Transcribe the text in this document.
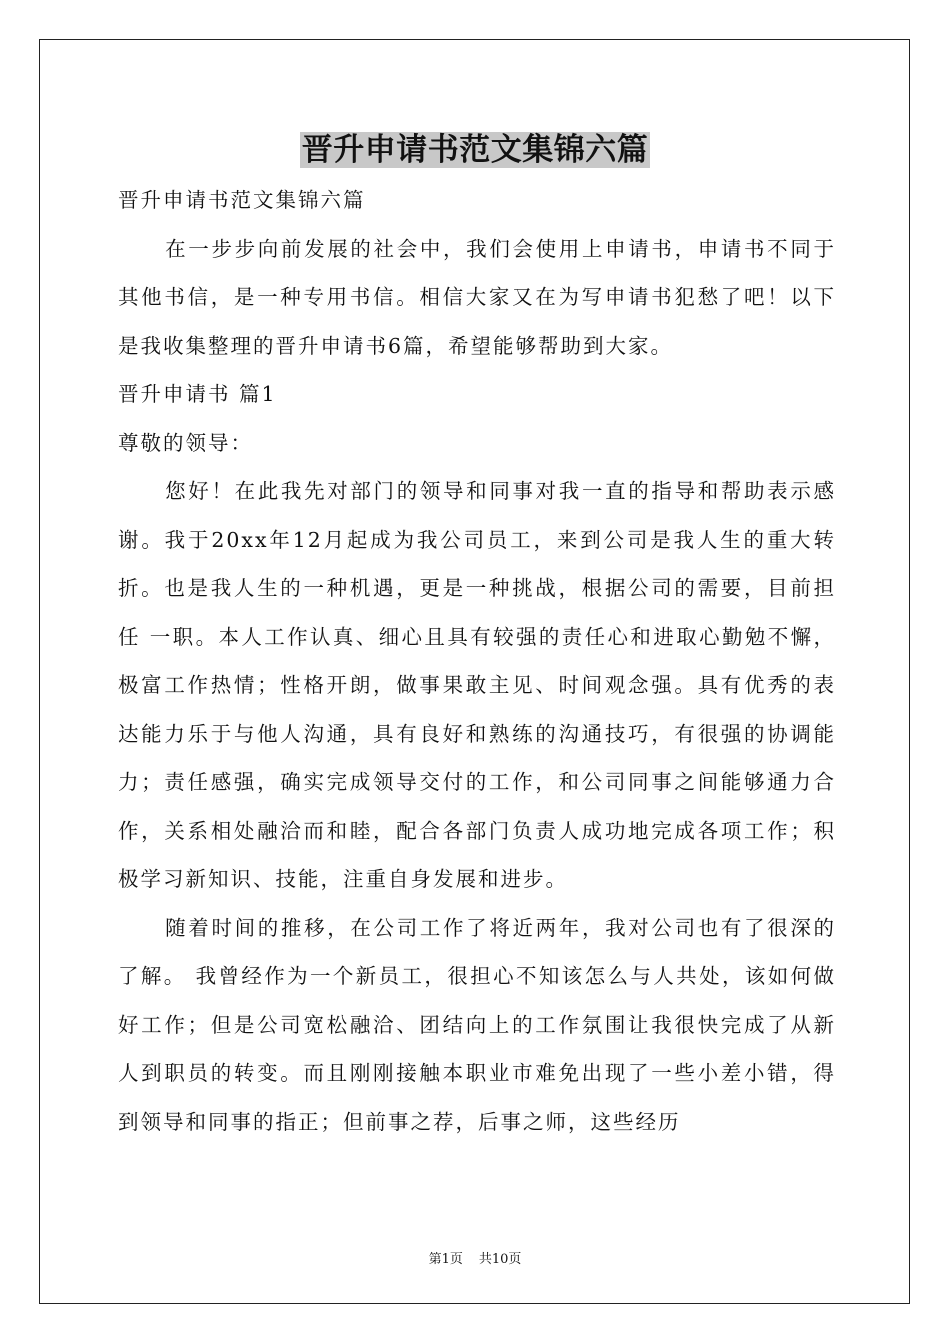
晋升申请书范文集锦六篇

晋升申请书范文集锦六篇

在一步步向前发展的社会中，我们会使用上申请书，申请书不同于其他书信，是一种专用书信。相信大家又在为写申请书犯愁了吧！以下是我收集整理的晋升申请书6篇，希望能够帮助到大家。

晋升申请书 篇1

尊敬的领导：

您好！在此我先对部门的领导和同事对我一直的指导和帮助表示感谢。我于20xx年12月起成为我公司员工，来到公司是我人生的重大转折。也是我人生的一种机遇，更是一种挑战，根据公司的需要，目前担任 一职。本人工作认真、细心且具有较强的责任心和进取心勤勉不懈，极富工作热情；性格开朗，做事果敢主见、时间观念强。具有优秀的表达能力乐于与他人沟通，具有良好和熟练的沟通技巧，有很强的协调能力；责任感强，确实完成领导交付的工作，和公司同事之间能够通力合作，关系相处融洽而和睦，配合各部门负责人成功地完成各项工作；积极学习新知识、技能，注重自身发展和进步。

随着时间的推移，在公司工作了将近两年，我对公司也有了很深的了解。 我曾经作为一个新员工，很担心不知该怎么与人共处，该如何做好工作；但是公司宽松融洽、团结向上的工作氛围让我很快完成了从新人到职员的转变。而且刚刚接触本职业市难免出现了一些小差小错，得到领导和同事的指正；但前事之荐，后事之师，这些经历

第1页 共10页
